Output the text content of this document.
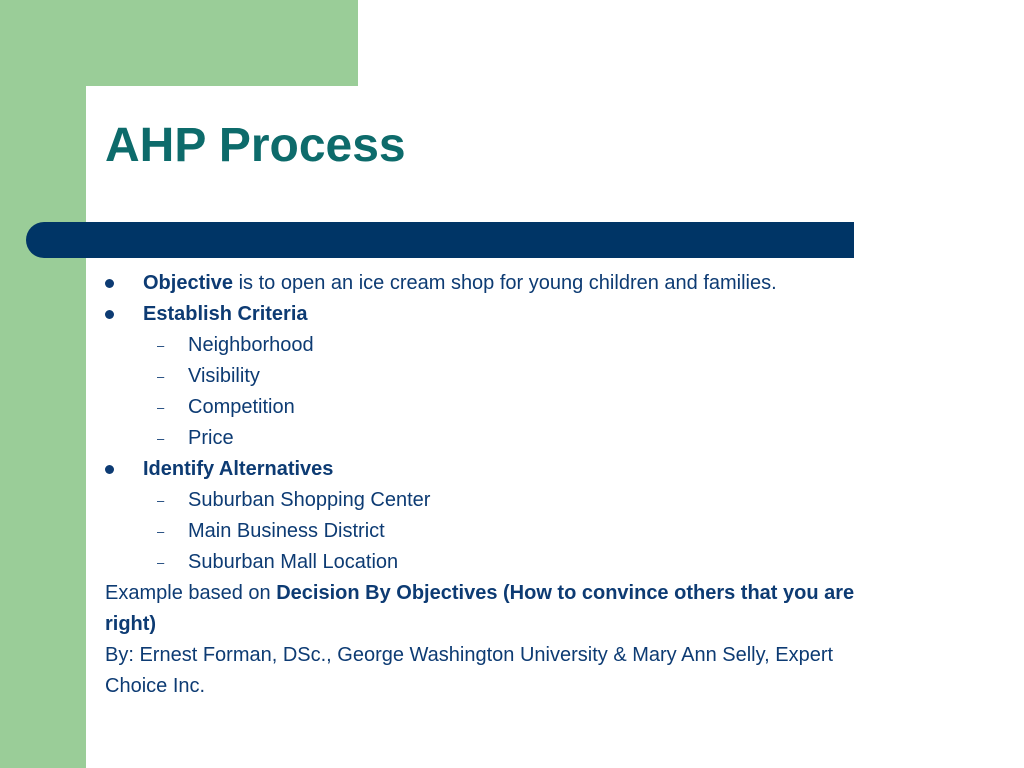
AHP Process
Objective is to open an ice cream shop for young children and families.
Establish Criteria
– Neighborhood
– Visibility
– Competition
– Price
Identify Alternatives
– Suburban Shopping Center
– Main Business District
– Suburban Mall Location
Example based on Decision By Objectives (How to convince others that you are
right)
By: Ernest Forman, DSc., George Washington University & Mary Ann Selly, Expert
Choice Inc.
